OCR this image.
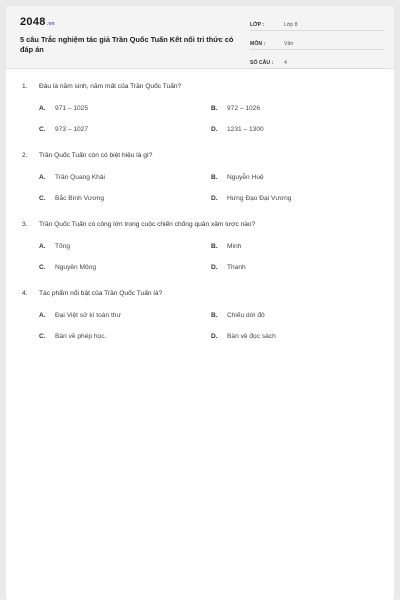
2048.vn
5 câu Trắc nghiệm tác giả Trần Quốc Tuấn Kết nối tri thức có đáp án
LỚP :	Lớp 8
MÔN :	Văn
SỐ CÂU :	4
1.	Đâu là năm sinh, năm mất của Trần Quốc Tuấn?
A.	971 – 1025	B.	972 – 1026
C.	973 – 1027	D.	1231 – 1300
2.	Trần Quốc Tuấn còn có biệt hiệu là gì?
A.	Trần Quang Khải	B.	Nguyễn Huệ
C.	Bắc Bình Vương	D.	Hưng Đạo Đại Vương
3.	Trần Quốc Tuấn có công lớn trong cuộc chiến chống quân xâm lược nào?
A.	Tống	B.	Minh
C.	Nguyên Mông	D.	Thanh
4.	Tác phẩm nổi bật của Trần Quốc Tuấn là?
A.	Đại Việt sử kí toàn thư	B.	Chiếu dời đô
C.	Bàn về phép học.	D.	Bàn về đọc sách
